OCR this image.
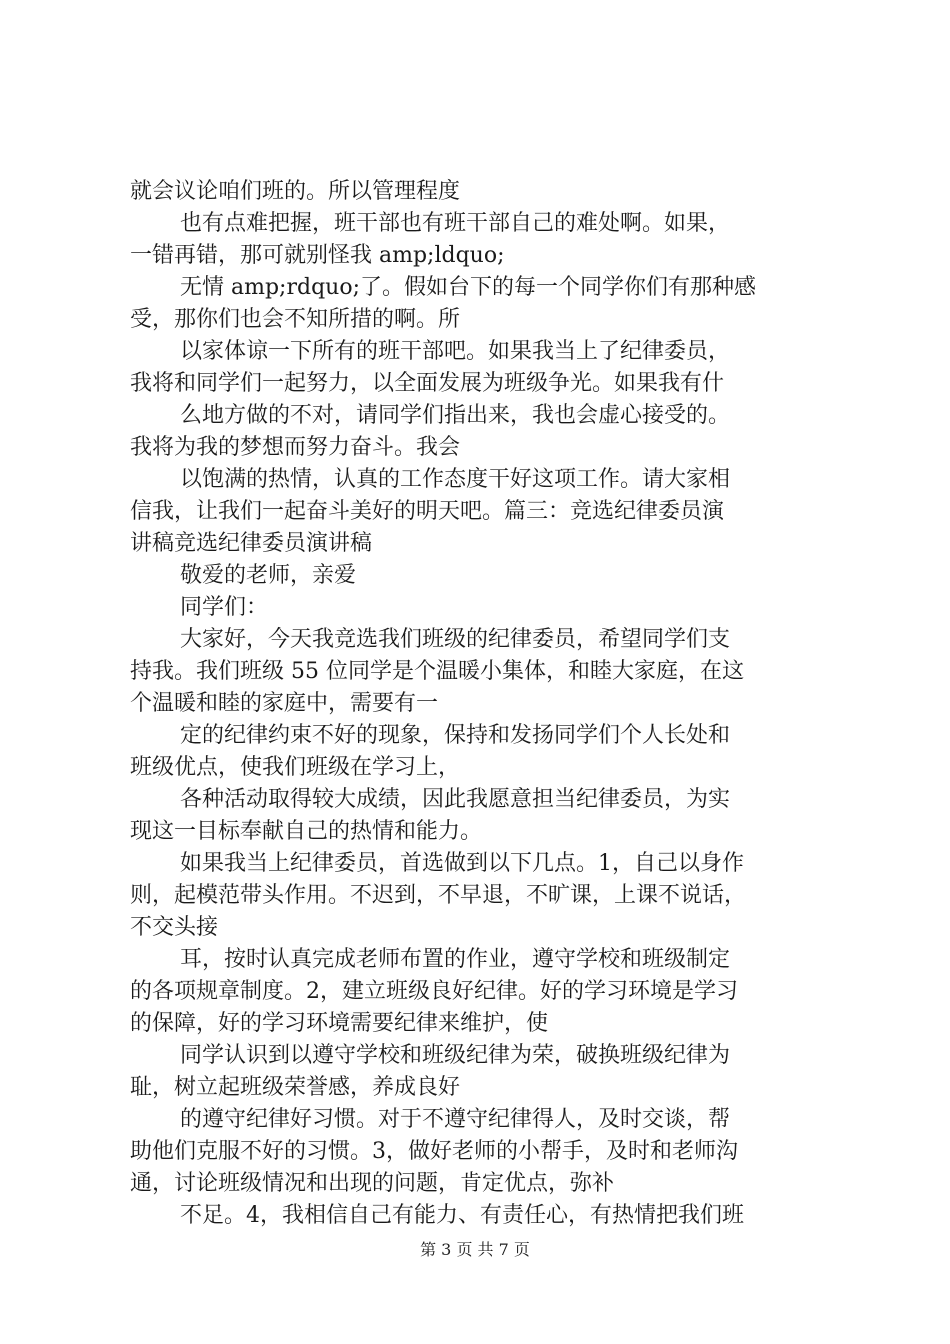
就会议论咱们班的。所以管理程度
也有点难把握，班干部也有班干部自己的难处啊。如果，
一错再错，那可就别怪我 amp;ldquo;
无情 amp;rdquo;了。假如台下的每一个同学你们有那种感
受，那你们也会不知所措的啊。所
以家体谅一下所有的班干部吧。如果我当上了纪律委员，
我将和同学们一起努力，以全面发展为班级争光。如果我有什
么地方做的不对，请同学们指出来，我也会虚心接受的。
我将为我的梦想而努力奋斗。我会
以饱满的热情，认真的工作态度干好这项工作。请大家相
信我，让我们一起奋斗美好的明天吧。篇三：竞选纪律委员演
讲稿竞选纪律委员演讲稿
敬爱的老师，亲爱
同学们：
大家好，今天我竞选我们班级的纪律委员，希望同学们支
持我。我们班级 55 位同学是个温暖小集体，和睦大家庭，在这
个温暖和睦的家庭中，需要有一
定的纪律约束不好的现象，保持和发扬同学们个人长处和
班级优点，使我们班级在学习上，
各种活动取得较大成绩，因此我愿意担当纪律委员，为实
现这一目标奉献自己的热情和能力。
如果我当上纪律委员，首选做到以下几点。1，自己以身作
则，起模范带头作用。不迟到，不早退，不旷课，上课不说话，
不交头接
耳，按时认真完成老师布置的作业，遵守学校和班级制定
的各项规章制度。2，建立班级良好纪律。好的学习环境是学习
的保障，好的学习环境需要纪律来维护，使
同学认识到以遵守学校和班级纪律为荣，破换班级纪律为
耻，树立起班级荣誉感，养成良好
的遵守纪律好习惯。对于不遵守纪律得人，及时交谈，帮
助他们克服不好的习惯。3，做好老师的小帮手，及时和老师沟
通，讨论班级情况和出现的问题，肯定优点，弥补
不足。4，我相信自己有能力、有责任心，有热情把我们班
第 3 页 共 7 页
